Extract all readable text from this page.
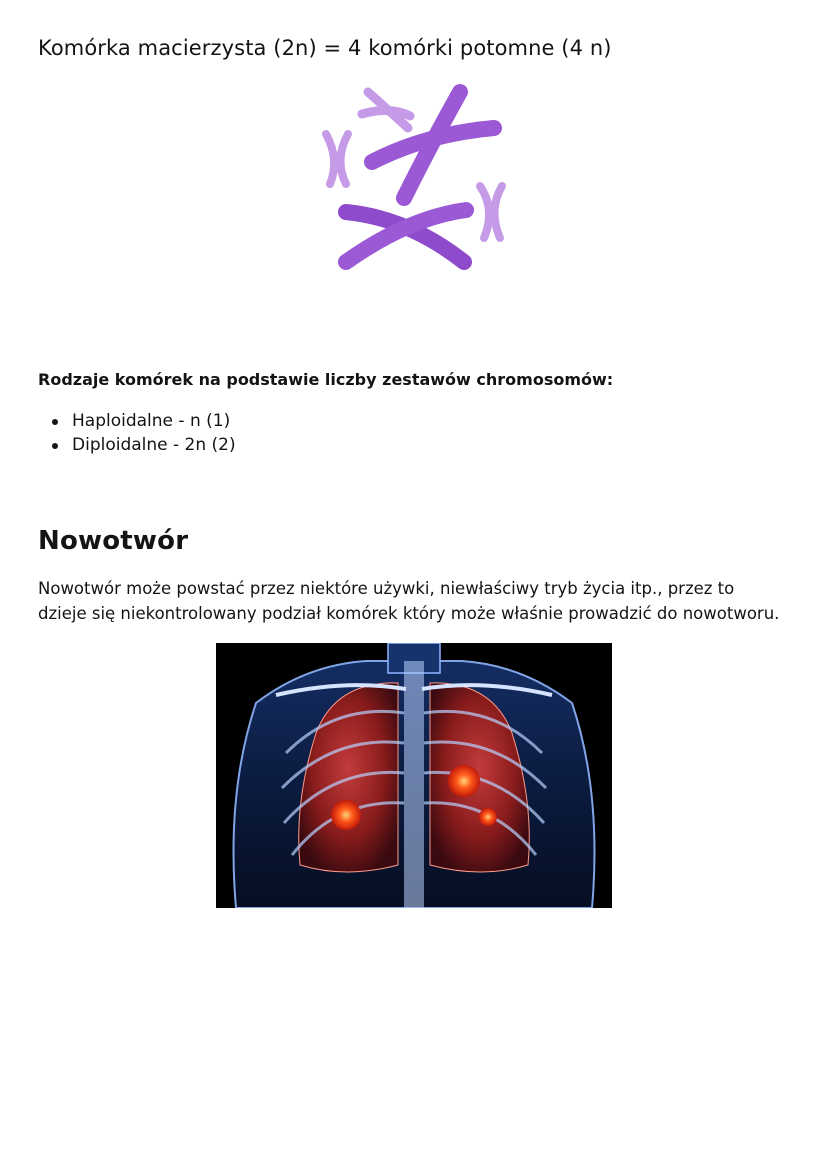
Komórka macierzysta (2n) = 4 komórki potomne (4 n)

Rodzaje komórek na podstawie liczby zestawów chromosomów:

Haploidalne - n (1)
Diploidalne - 2n (2)
Nowotwór

Nowotwór może powstać przez niektóre używki, niewłaściwy tryb życia itp., przez to dzieje się niekontrolowany podział komórek który może właśnie prowadzić do nowotworu.
